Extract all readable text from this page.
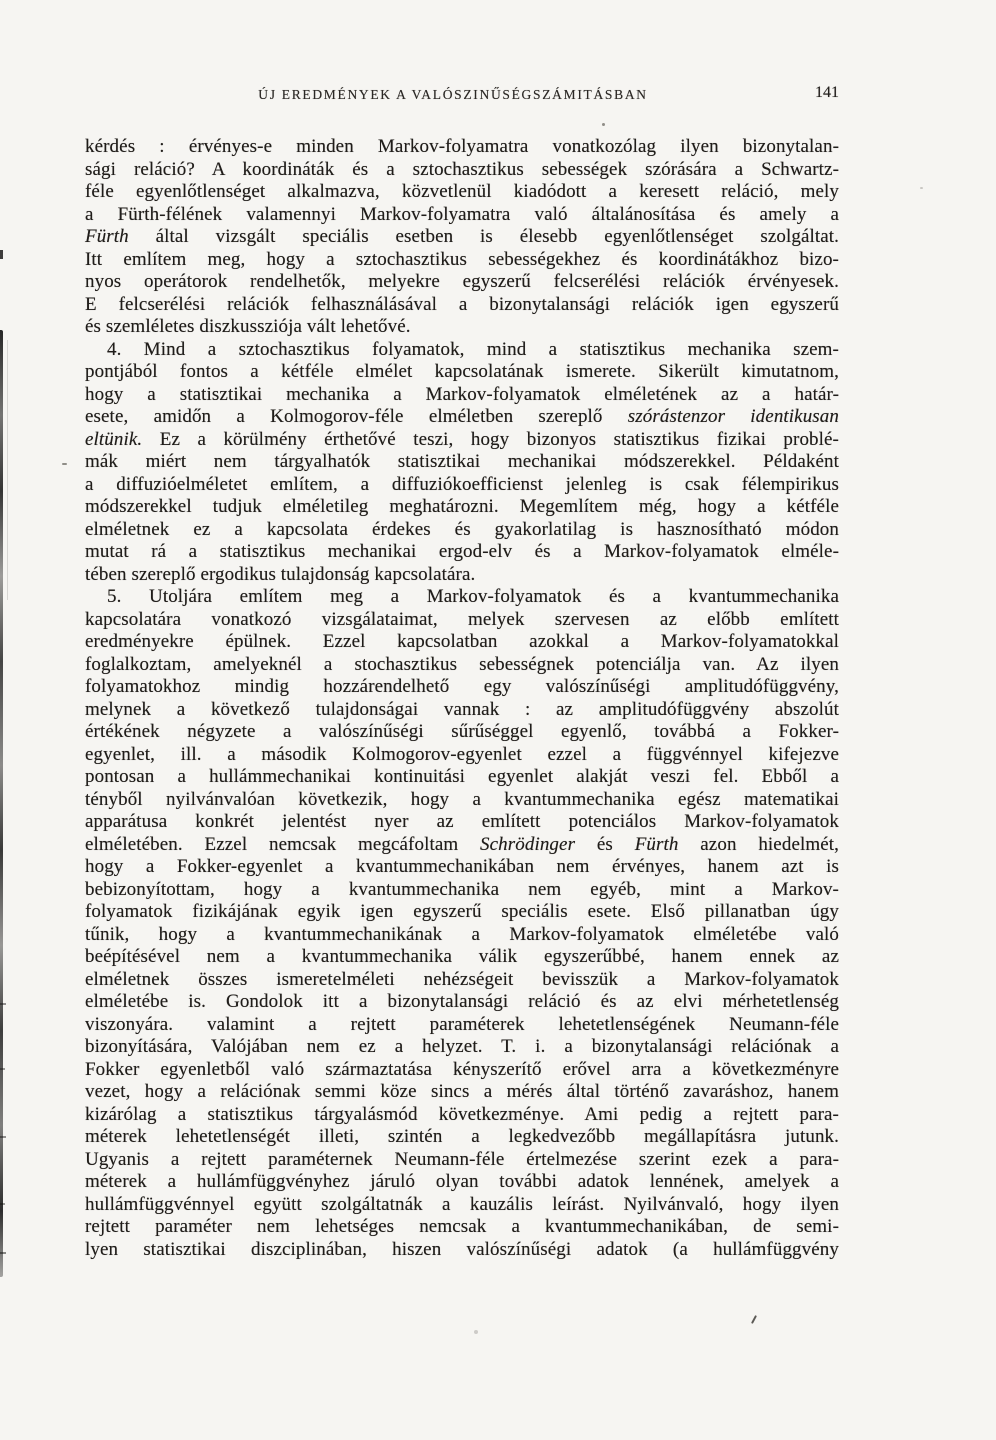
ÚJ EREDMÉNYEK A VALÓSZINŰSÉGSZÁMITÁSBAN	141
kérdés : érvényes-e minden Markov-folyamatra vonatkozólag ilyen bizonytalan-
sági reláció? A koordináták és a sztochasztikus sebességek szórására a Schwartz-
féle egyenlőtlenséget alkalmazva, közvetlenül kiadódott a keresett reláció, mely
a Fürth-félének valamennyi Markov-folyamatra való általánosítása és amely a
Fürth által vizsgált speciális esetben is élesebb egyenlőtlenséget szolgáltat.
Itt említem meg, hogy a sztochasztikus sebességekhez és koordinátákhoz bizo-
nyos operátorok rendelhetők, melyekre egyszerű felcserélési relációk érvényesek.
E felcserélési relációk felhasználásával a bizonytalansági relációk igen egyszerű
és szemléletes diszkussziója vált lehetővé.
4. Mind a sztochasztikus folyamatok, mind a statisztikus mechanika szem-
pontjából fontos a kétféle elmélet kapcsolatának ismerete. Sikerült kimutatnom,
hogy a statisztikai mechanika a Markov-folyamatok elméletének az a határ-
esete, amidőn a Kolmogorov-féle elméletben szereplő szórástenzor identikusan
eltünik. Ez a körülmény érthetővé teszi, hogy bizonyos statisztikus fizikai problé-
mák miért nem tárgyalhatók statisztikai mechanikai módszerekkel. Példaként
a diffuzióelméletet említem, a diffuziókoefficienst jelenleg is csak félempirikus
módszerekkel tudjuk elméletileg meghatározni. Megemlítem még, hogy a kétféle
elméletnek ez a kapcsolata érdekes és gyakorlatilag is hasznosítható módon
mutat rá a statisztikus mechanikai ergod-elv és a Markov-folyamatok elméle-
tében szereplő ergodikus tulajdonság kapcsolatára.
5. Utoljára említem meg a Markov-folyamatok és a kvantummechanika
kapcsolatára vonatkozó vizsgálataimat, melyek szervesen az előbb említett
eredményekre épülnek. Ezzel kapcsolatban azokkal a Markov-folyamatokkal
foglalkoztam, amelyeknél a stochasztikus sebességnek potenciálja van. Az ilyen
folyamatokhoz mindig hozzárendelhető egy valószínűségi amplitudófüggvény,
melynek a következő tulajdonságai vannak : az amplitudófüggvény abszolút
értékének négyzete a valószínűségi sűrűséggel egyenlő, továbbá a Fokker-
egyenlet, ill. a második Kolmogorov-egyenlet ezzel a függvénnyel kifejezve
pontosan a hullámmechanikai kontinuitási egyenlet alakját veszi fel. Ebből a
tényből nyilvánvalóan következik, hogy a kvantummechanika egész matematikai
apparátusa konkrét jelentést nyer az említett potenciálos Markov-folyamatok
elméletében. Ezzel nemcsak megcáfoltam Schrödinger és Fürth azon hiedelmét,
hogy a Fokker-egyenlet a kvantummechanikában nem érvényes, hanem azt is
bebizonyítottam, hogy a kvantummechanika nem egyéb, mint a Markov-
folyamatok fizikájának egyik igen egyszerű speciális esete. Első pillanatban úgy
tűnik, hogy a kvantummechanikának a Markov-folyamatok elméletébe való
beépítésével nem a kvantummechanika válik egyszerűbbé, hanem ennek az
elméletnek összes ismeretelméleti nehézségeit bevisszük a Markov-folyamatok
elméletébe is. Gondolok itt a bizonytalansági reláció és az elvi mérhetetlenség
viszonyára. valamint a rejtett paraméterek lehetetlenségének Neumann-féle
bizonyítására, Valójában nem ez a helyzet. T. i. a bizonytalansági relációnak a
Fokker egyenletből való származtatása kényszerítő erővel arra a következményre
vezet, hogy a relációnak semmi köze sincs a mérés által történő zavaráshoz, hanem
kizárólag a statisztikus tárgyalásmód következménye. Ami pedig a rejtett para-
méterek lehetetlenségét illeti, szintén a legkedvezőbb megállapításra jutunk.
Ugyanis a rejtett paraméternek Neumann-féle értelmezése szerint ezek a para-
méterek a hullámfüggvényhez járuló olyan további adatok lennének, amelyek a
hullámfüggvénnyel együtt szolgáltatnák a kauzális leírást. Nyilvánvaló, hogy ilyen
rejtett paraméter nem lehetséges nemcsak a kvantummechanikában, de semi-
lyen statisztikai diszciplinában, hiszen valószínűségi adatok (a hullámfüggvény
